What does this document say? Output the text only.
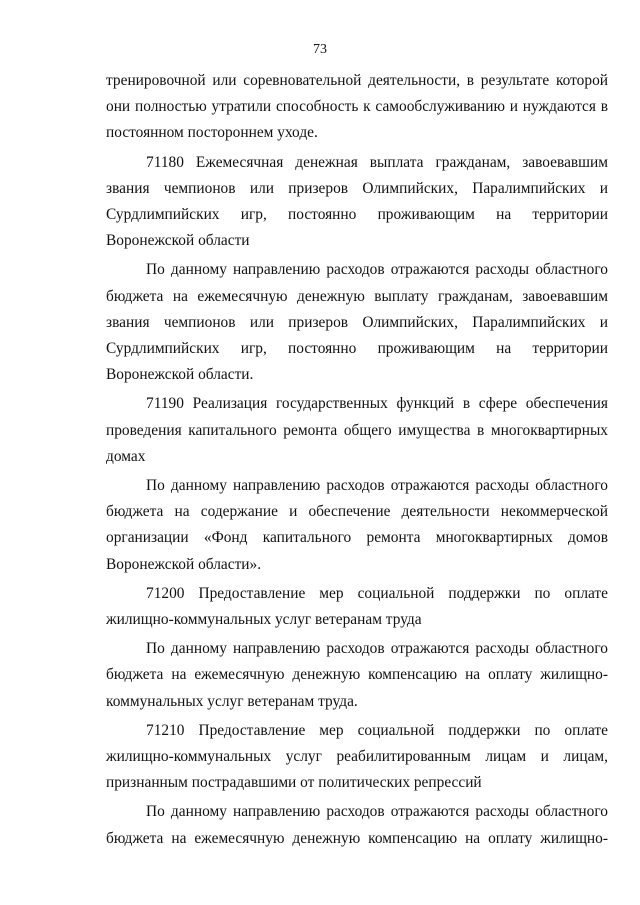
73

тренировочной или соревновательной деятельности, в результате которой они полностью утратили способность к самообслуживанию и нуждаются в постоянном постороннем уходе.

71180 Ежемесячная денежная выплата гражданам, завоевавшим звания чемпионов или призеров Олимпийских, Паралимпийских и Сурдлимпийских игр, постоянно проживающим на территории Воронежской области

По данному направлению расходов отражаются расходы областного бюджета на ежемесячную денежную выплату гражданам, завоевавшим звания чемпионов или призеров Олимпийских, Паралимпийских и Сурдлимпийских игр, постоянно проживающим на территории Воронежской области.

71190 Реализация государственных функций в сфере обеспечения проведения капитального ремонта общего имущества в многоквартирных домах

По данному направлению расходов отражаются расходы областного бюджета на содержание и обеспечение деятельности некоммерческой организации «Фонд капитального ремонта многоквартирных домов Воронежской области».

71200 Предоставление мер социальной поддержки по оплате жилищно-коммунальных услуг ветеранам труда

По данному направлению расходов отражаются расходы областного бюджета на ежемесячную денежную компенсацию на оплату жилищно-коммунальных услуг ветеранам труда.

71210 Предоставление мер социальной поддержки по оплате жилищно-коммунальных услуг реабилитированным лицам и лицам, признанным пострадавшими от политических репрессий

По данному направлению расходов отражаются расходы областного бюджета на ежемесячную денежную компенсацию на оплату жилищно-
